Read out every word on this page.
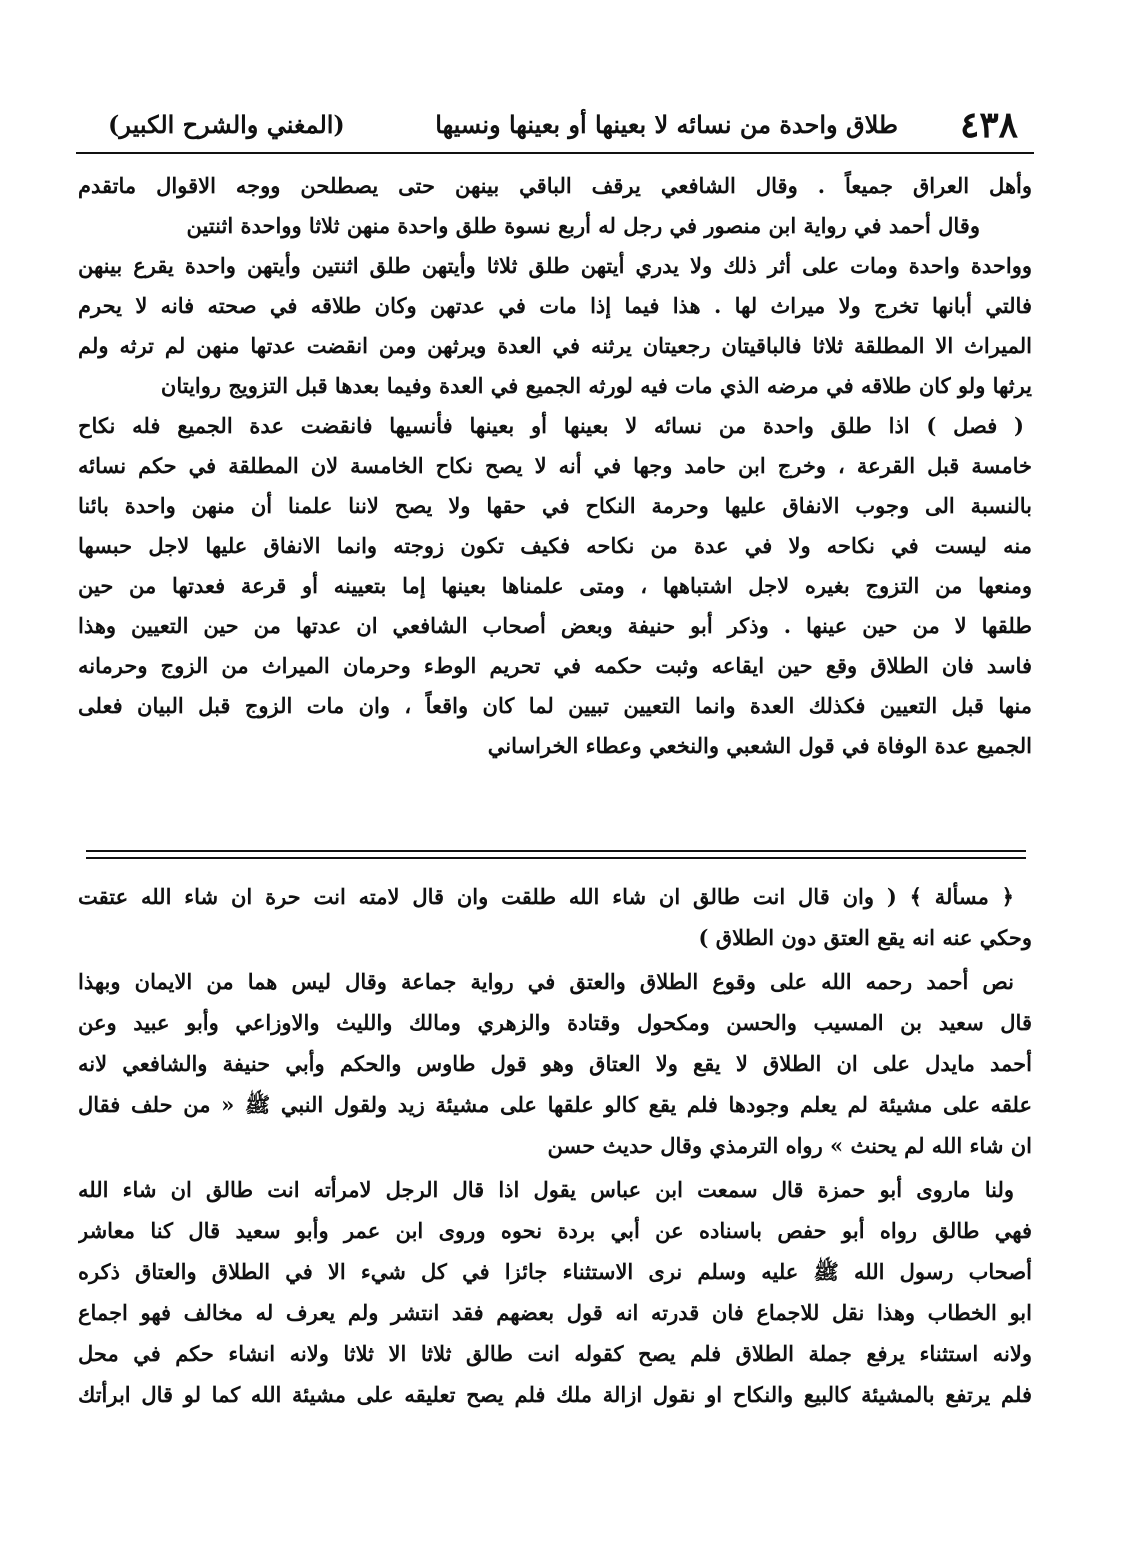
٤٣٨
طلاق واحدة من نسائه لا بعينها أو بعينها ونسيها
(المغني والشرح الكبير)

وأهل العراق جميعاً . وقال الشافعي يرقف الباقي بينهن حتى يصطلحن ووجه الاقوال ماتقدم

وقال أحمد في رواية ابن منصور في رجل له أربع نسوة طلق واحدة منهن ثلاثا وواحدة اثنتين

وواحدة واحدة ومات على أثر ذلك ولا يدري أيتهن طلق ثلاثا وأيتهن طلق اثنتين وأيتهن واحدة يقرع بينهن

فالتي أبانها تخرج ولا ميراث لها . هذا فيما إذا مات في عدتهن وكان طلاقه في صحته فانه لا يحرم

الميراث الا المطلقة ثلاثا فالباقيتان رجعيتان يرثنه في العدة ويرثهن ومن انقضت عدتها منهن لم ترثه ولم

يرثها ولو كان طلاقه في مرضه الذي مات فيه لورثه الجميع في العدة وفيما بعدها قبل التزويج روايتان

( فصل ) اذا طلق واحدة من نسائه لا بعينها أو بعينها فأنسيها فانقضت عدة الجميع فله نكاح

خامسة قبل القرعة ، وخرج ابن حامد وجها في أنه لا يصح نكاح الخامسة لان المطلقة في حكم نسائه

بالنسبة الى وجوب الانفاق عليها وحرمة النكاح في حقها ولا يصح لاننا علمنا أن منهن واحدة بائنا

منه ليست في نكاحه ولا في عدة من نكاحه فكيف تكون زوجته وانما الانفاق عليها لاجل حبسها

ومنعها من التزوج بغيره لاجل اشتباهها ، ومتى علمناها بعينها إما بتعيينه أو قرعة فعدتها من حين

طلقها لا من حين عينها . وذكر أبو حنيفة وبعض أصحاب الشافعي ان عدتها من حين التعيين وهذا

فاسد فان الطلاق وقع حين ايقاعه وثبت حكمه في تحريم الوطء وحرمان الميراث من الزوج وحرمانه

منها قبل التعيين فكذلك العدة وانما التعيين تبيين لما كان واقعاً ، وان مات الزوج قبل البيان فعلى

الجميع عدة الوفاة في قول الشعبي والنخعي وعطاء الخراساني

﴿ مسألة ﴾ ( وان قال انت طالق ان شاء الله طلقت وان قال لامته انت حرة ان شاء الله عتقت

وحكي عنه انه يقع العتق دون الطلاق )

نص أحمد رحمه الله على وقوع الطلاق والعتق في رواية جماعة وقال ليس هما من الايمان وبهذا

قال سعيد بن المسيب والحسن ومكحول وقتادة والزهري ومالك والليث والاوزاعي وأبو عبيد وعن

أحمد مايدل على ان الطلاق لا يقع ولا العتاق وهو قول طاوس والحكم وأبي حنيفة والشافعي لانه

علقه على مشيئة لم يعلم وجودها فلم يقع كالو علقها على مشيئة زيد ولقول النبي ﷺ « من حلف فقال

ان شاء الله لم يحنث » رواه الترمذي وقال حديث حسن

ولنا ماروى أبو حمزة قال سمعت ابن عباس يقول اذا قال الرجل لامرأته انت طالق ان شاء الله

فهي طالق رواه أبو حفص باسناده عن أبي بردة نحوه وروى ابن عمر وأبو سعيد قال كنا معاشر

أصحاب رسول الله ﷺ عليه وسلم نرى الاستثناء جائزا في كل شيء الا في الطلاق والعتاق ذكره

ابو الخطاب وهذا نقل للاجماع فان قدرته انه قول بعضهم فقد انتشر ولم يعرف له مخالف فهو اجماع

ولانه استثناء يرفع جملة الطلاق فلم يصح كقوله انت طالق ثلاثا الا ثلاثا ولانه انشاء حكم في محل

فلم يرتفع بالمشيئة كالبيع والنكاح او نقول ازالة ملك فلم يصح تعليقه على مشيئة الله كما لو قال ابرأتك
